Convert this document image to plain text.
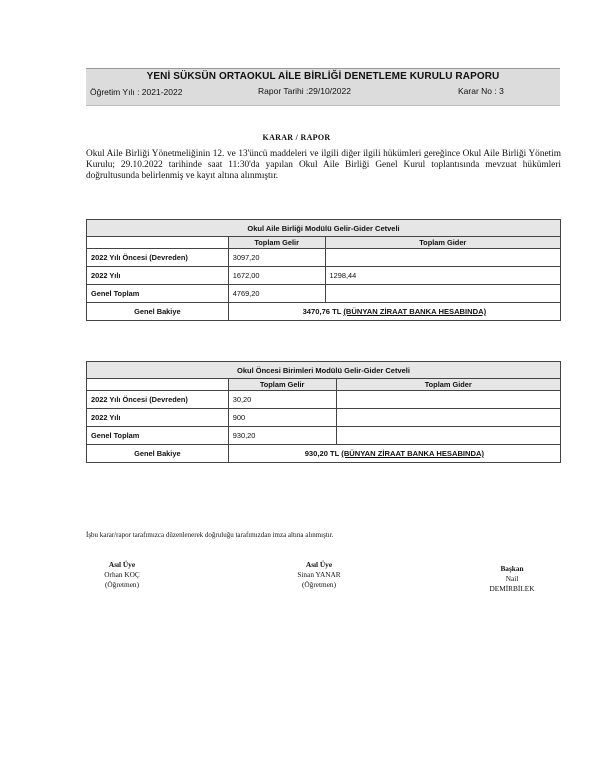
YENİ SÜKSÜN ORTAOKUL AİLE BİRLİĞİ DENETLEME KURULU RAPORU
Öğretim Yılı : 2021-2022	Rapor Tarihi :29/10/2022	Karar No : 3
KARAR / RAPOR
Okul Aile Birliği Yönetmeliğinin 12. ve 13'üncü maddeleri ve ilgili diğer ilgili hükümleri gereğince Okul Aile Birliği Yönetim Kurulu; 29.10.2022 tarihinde saat 11:30'da yapılan Okul Aile Birliği Genel Kurul toplantısında mevzuat hükümleri doğrultusunda belirlenmiş ve kayıt altına alınmıştır.
Okul Aile Birliği Modülü Gelir-Gider Cetveli		
	Toplam Gelir	Toplam Gider
2022 Yılı Öncesi (Devreden)	3097,20	
2022 Yılı	1672,00	1298,44
Genel Toplam	4769,20	
Genel Bakiye	3470,76 TL (BÜNYAN ZİRAAT BANKA HESABINDA)	
Okul Öncesi Birimleri Modülü Gelir-Gider Cetveli		
	Toplam Gelir	Toplam Gider
2022 Yılı Öncesi (Devreden)	30,20	
2022 Yılı	900	
Genel Toplam	930,20	
Genel Bakiye	930,20 TL (BÜNYAN ZİRAAT BANKA HESABINDA)	
İşbu karar/rapor tarafımızca düzenlenerek doğruluğu tarafımızdan imza altına alınmıştır.
Asıl Üye
Orhan KOÇ
(Öğretmen)
Asıl Üye
Sinan YANAR
(Öğretmen)
Başkan
Nail
DEMİRBİLEK
